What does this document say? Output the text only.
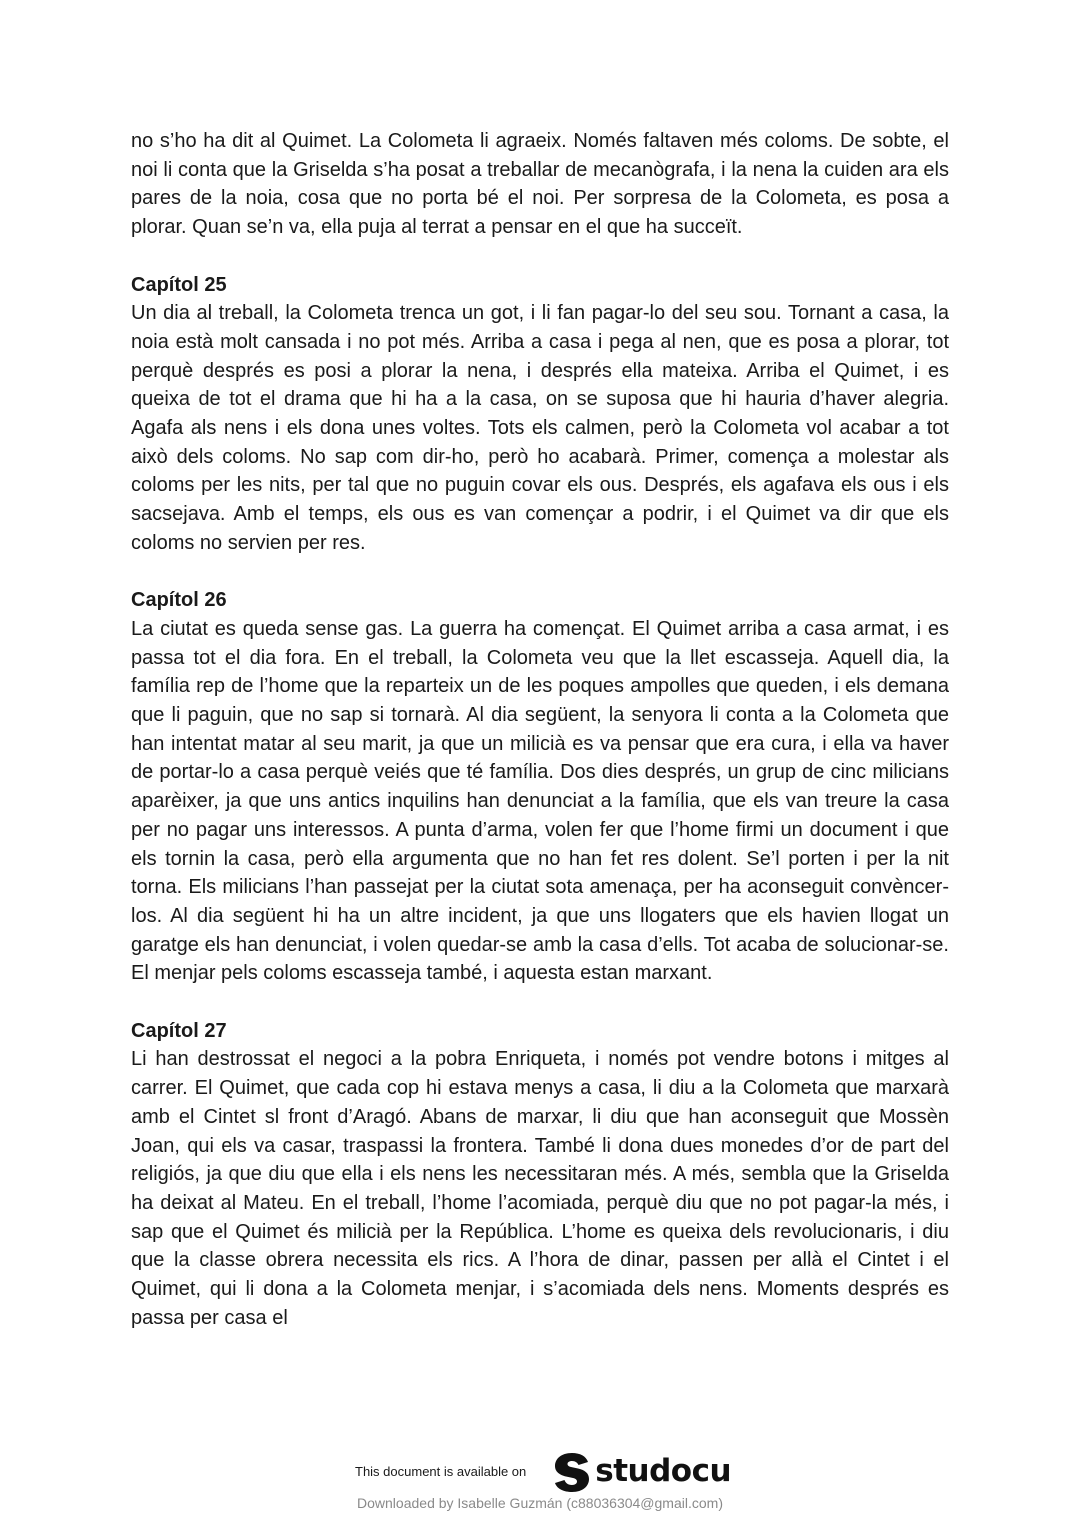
no s’ho ha dit al Quimet. La Colometa li agraeix. Només faltaven més coloms. De sobte, el noi li conta que la Griselda s’ha posat a treballar de mecanògrafa, i la nena la cuiden ara els pares de la noia, cosa que no porta bé el noi. Per sorpresa de la Colometa, es posa a plorar. Quan se’n va, ella puja al terrat a pensar en el que ha succeït.

Capítol 25

Un dia al treball, la Colometa trenca un got, i li fan pagar-lo del seu sou. Tornant a casa, la noia està molt cansada i no pot més. Arriba a casa i pega al nen, que es posa a plorar, tot perquè després es posi a plorar la nena, i després ella mateixa. Arriba el Quimet, i es queixa de tot el drama que hi ha a la casa, on se suposa que hi hauria d’haver alegria. Agafa als nens i els dona unes voltes. Tots els calmen, però la Colometa vol acabar a tot això dels coloms. No sap com dir-ho, però ho acabarà. Primer, comença a molestar als coloms per les nits, per tal que no puguin covar els ous. Després, els agafava els ous i els sacsejava. Amb el temps, els ous es van començar a podrir, i el Quimet va dir que els coloms no servien per res.

Capítol 26

La ciutat es queda sense gas. La guerra ha començat. El Quimet arriba a casa armat, i es passa tot el dia fora. En el treball, la Colometa veu que la llet escasseja. Aquell dia, la família rep de l’home que la reparteix un de les poques ampolles que queden, i els demana que li paguin, que no sap si tornarà. Al dia següent, la senyora li conta a la Colometa que han intentat matar al seu marit, ja que un milicià es va pensar que era cura, i ella va haver de portar-lo a casa perquè veiés que té família. Dos dies després, un grup de cinc milicians aparèixer, ja que uns antics inquilins han denunciat a la família, que els van treure la casa per no pagar uns interessos. A punta d’arma, volen fer que l’home firmi un document i que els tornin la casa, però ella argumenta que no han fet res dolent. Se’l porten i per la nit torna. Els milicians l’han passejat per la ciutat sota amenaça, per ha aconseguit convèncer-los. Al dia següent hi ha un altre incident, ja que uns llogaters que els havien llogat un garatge els han denunciat, i volen quedar-se amb la casa d’ells. Tot acaba de solucionar-se. El menjar pels coloms escasseja també, i aquesta estan marxant.

Capítol 27

Li han destrossat el negoci a la pobra Enriqueta, i només pot vendre botons i mitges al carrer. El Quimet, que cada cop hi estava menys a casa, li diu a la Colometa que marxarà amb el Cintet sl front d’Aragó. Abans de marxar, li diu que han aconseguit que Mossèn Joan, qui els va casar, traspassi la frontera. També li dona dues monedes d’or de part del religiós, ja que diu que ella i els nens les necessitaran més. A més, sembla que la Griselda ha deixat al Mateu. En el treball, l’home l’acomiada, perquè diu que no pot pagar-la més, i sap que el Quimet és milicià per la República. L’home es queixa dels revolucionaris, i diu que la classe obrera necessita els rics. A l’hora de dinar, passen per allà el Cintet i el Quimet, qui li dona a la Colometa menjar, i s’acomiada dels nens. Moments després es passa per casa el

This document is available on studocu
Downloaded by Isabelle Guzmán (c88036304@gmail.com)
